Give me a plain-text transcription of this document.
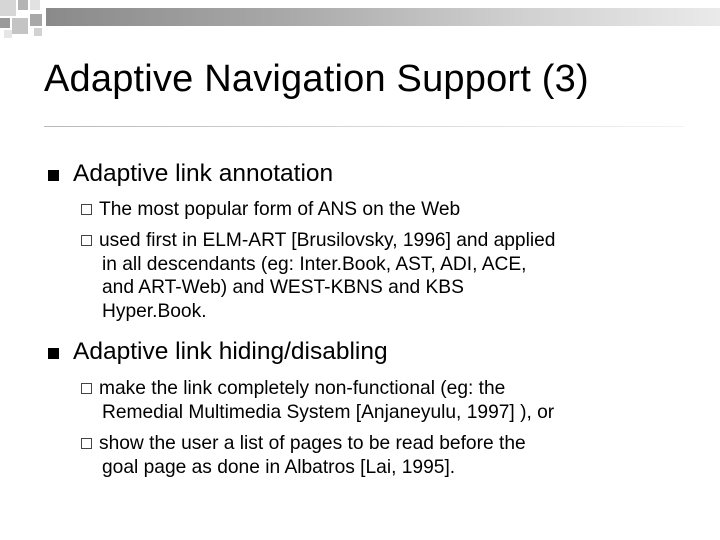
Adaptive Navigation Support (3)
Adaptive link annotation
The most popular form of ANS on the Web
used first in ELM-ART [Brusilovsky, 1996] and applied
in all descendants (eg: Inter.Book, AST, ADI, ACE,
and ART-Web) and WEST-KBNS and KBS
Hyper.Book.
Adaptive link hiding/disabling
make the link completely non-functional (eg: the
Remedial Multimedia System [Anjaneyulu, 1997] ), or
show the user a list of pages to be read before the
goal page as done in Albatros [Lai, 1995].
